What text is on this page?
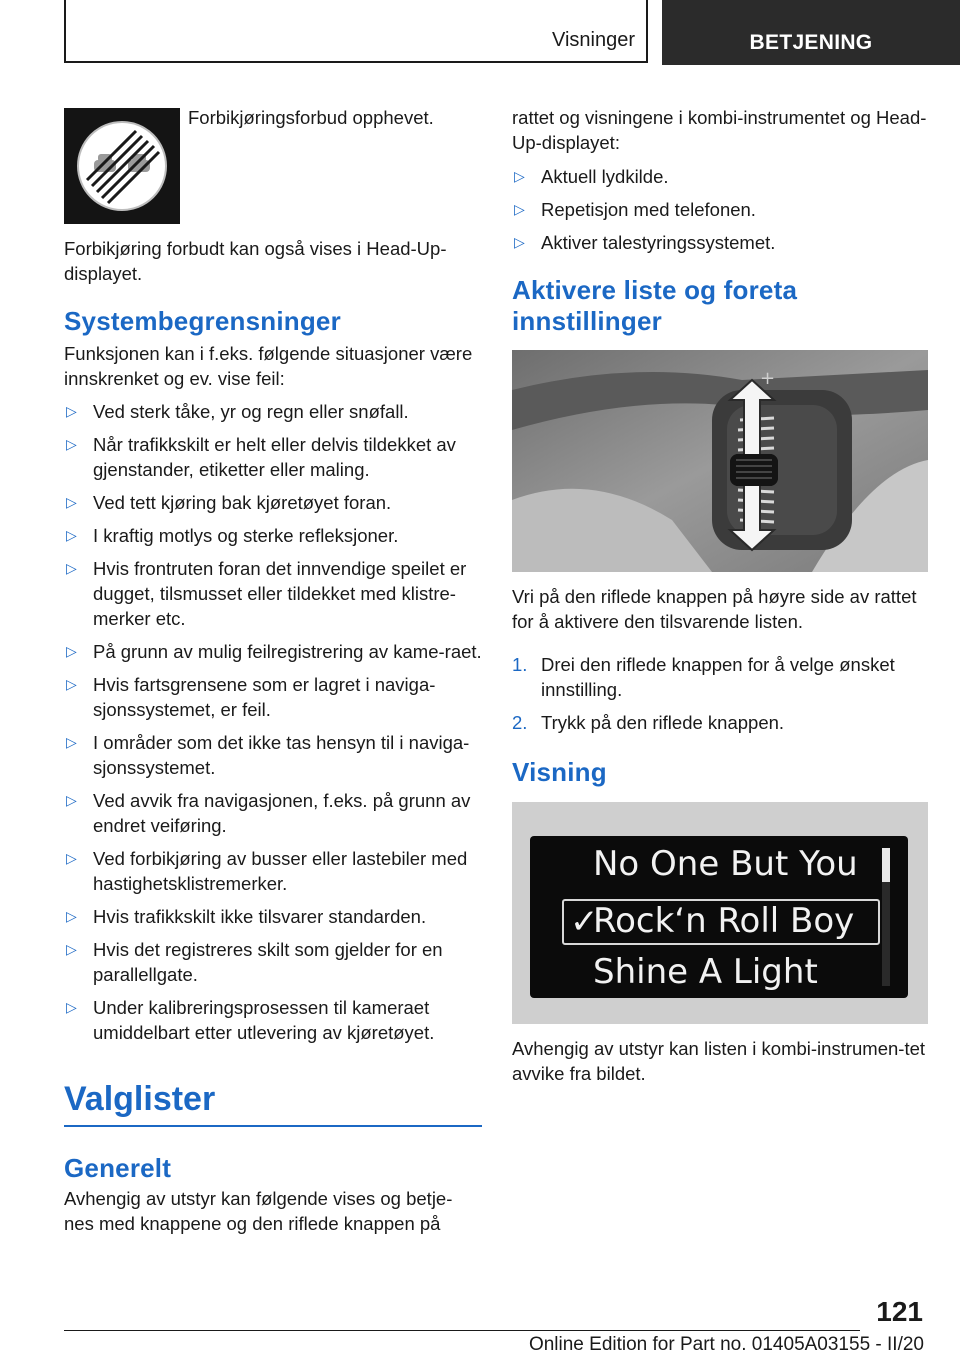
Visninger	BETJENING

Forbikjøringsforbud opphevet.

Forbikjøring forbudt kan også vises i Head-Up-displayet.

Systembegrensninger

Funksjonen kan i f.eks. følgende situasjoner være innskrenket og ev. vise feil:

▷ Ved sterk tåke, yr og regn eller snøfall.
▷ Når trafikkskilt er helt eller delvis tildekket av gjenstander, etiketter eller maling.
▷ Ved tett kjøring bak kjøretøyet foran.
▷ I kraftig motlys og sterke refleksjoner.
▷ Hvis frontruten foran det innvendige speilet er dugget, tilsmusset eller tildekket med klistre-merker etc.
▷ På grunn av mulig feilregistrering av kame-raet.
▷ Hvis fartsgrensene som er lagret i naviga-sjonssystemet, er feil.
▷ I områder som det ikke tas hensyn til i naviga-sjonssystemet.
▷ Ved avvik fra navigasjonen, f.eks. på grunn av endret veiføring.
▷ Ved forbikjøring av busser eller lastebiler med hastighetsklistremerker.
▷ Hvis trafikkskilt ikke tilsvarer standarden.
▷ Hvis det registreres skilt som gjelder for en parallellgate.
▷ Under kalibreringsprosessen til kameraet umiddelbart etter utlevering av kjøretøyet.
Valglister
Generelt

Avhengig av utstyr kan følgende vises og betje-nes med knappene og den riflede knappen på

rattet og visningene i kombi-instrumentet og Head-Up-displayet:

▷ Aktuell lydkilde.
▷ Repetisjon med telefonen.
▷ Aktiver talestyringssystemet.
Aktivere liste og foreta innstillinger
+

Vri på den riflede knappen på høyre side av rattet for å aktivere den tilsvarende listen.

1. Drei den riflede knappen for å velge ønsket innstilling.
2. Trykk på den riflede knappen.
Visning
No One But You
✓
Rock‘n Roll Boy
Shine A Light

Avhengig av utstyr kan listen i kombi-instrumen-tet avvike fra bildet.

121
Online Edition for Part no. 01405A03155 - II/20
